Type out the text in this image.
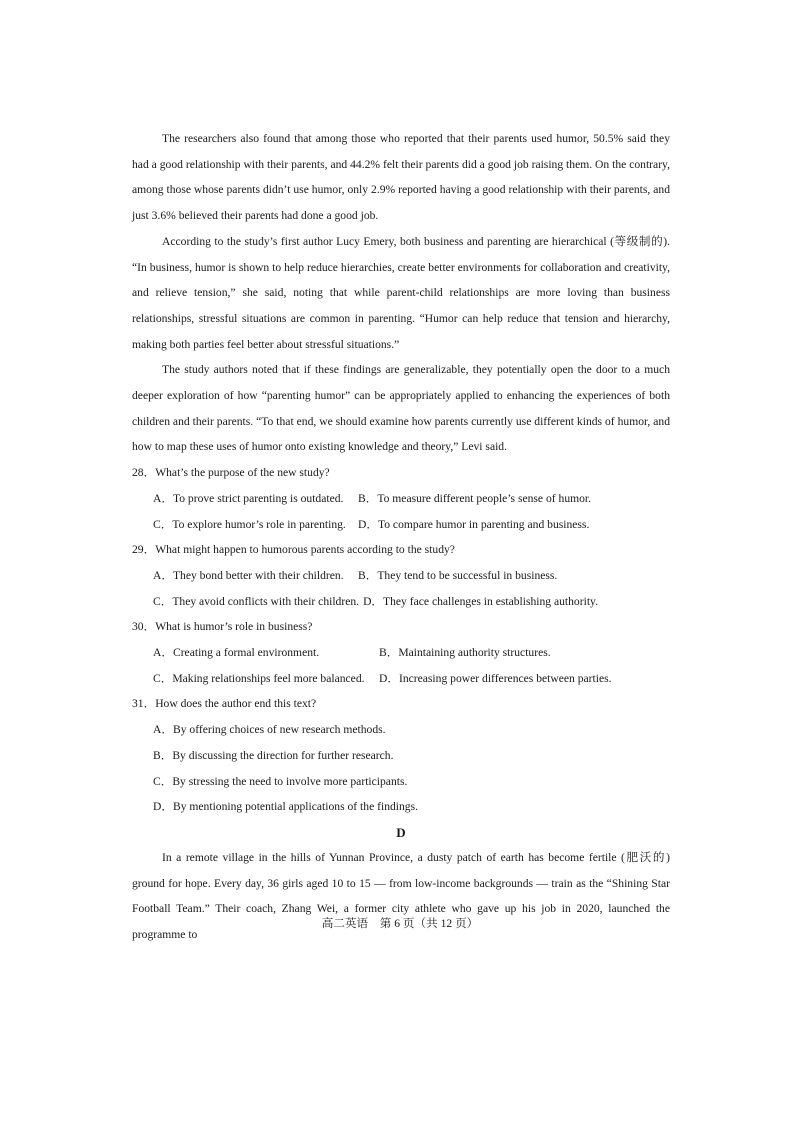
The researchers also found that among those who reported that their parents used humor, 50.5% said they had a good relationship with their parents, and 44.2% felt their parents did a good job raising them. On the contrary, among those whose parents didn’t use humor, only 2.9% reported having a good relationship with their parents, and just 3.6% believed their parents had done a good job.

According to the study’s first author Lucy Emery, both business and parenting are hierarchical (等级制的). “In business, humor is shown to help reduce hierarchies, create better environments for collaboration and creativity, and relieve tension,” she said, noting that while parent-child relationships are more loving than business relationships, stressful situations are common in parenting. “Humor can help reduce that tension and hierarchy, making both parties feel better about stressful situations.”

The study authors noted that if these findings are generalizable, they potentially open the door to a much deeper exploration of how “parenting humor” can be appropriately applied to enhancing the experiences of both children and their parents. “To that end, we should examine how parents currently use different kinds of humor, and how to map these uses of humor onto existing knowledge and theory,” Levi said.

28．What’s the purpose of the new study?

A．To prove strict parenting is outdated.	B．To measure different people’s sense of humor.
C．To explore humor’s role in parenting.	D．To compare humor in parenting and business.

29．What might happen to humorous parents according to the study?

A．They bond better with their children.	B．They tend to be successful in business.
C．They avoid conflicts with their children. D．They face challenges in establishing authority.

30．What is humor’s role in business?

A．Creating a formal environment.	B．Maintaining authority structures.
C．Making relationships feel more balanced.	D．Increasing power differences between parties.

31．How does the author end this text?

A．By offering choices of new research methods.
B．By discussing the direction for further research.
C．By stressing the need to involve more participants.
D．By mentioning potential applications of the findings.
D

In a remote village in the hills of Yunnan Province, a dusty patch of earth has become fertile (肥沃的) ground for hope. Every day, 36 girls aged 10 to 15 — from low-income backgrounds — train as the “Shining Star Football Team.” Their coach, Zhang Wei, a former city athlete who gave up his job in 2020, launched the programme to

高二英语　第 6 页（共 12 页）
